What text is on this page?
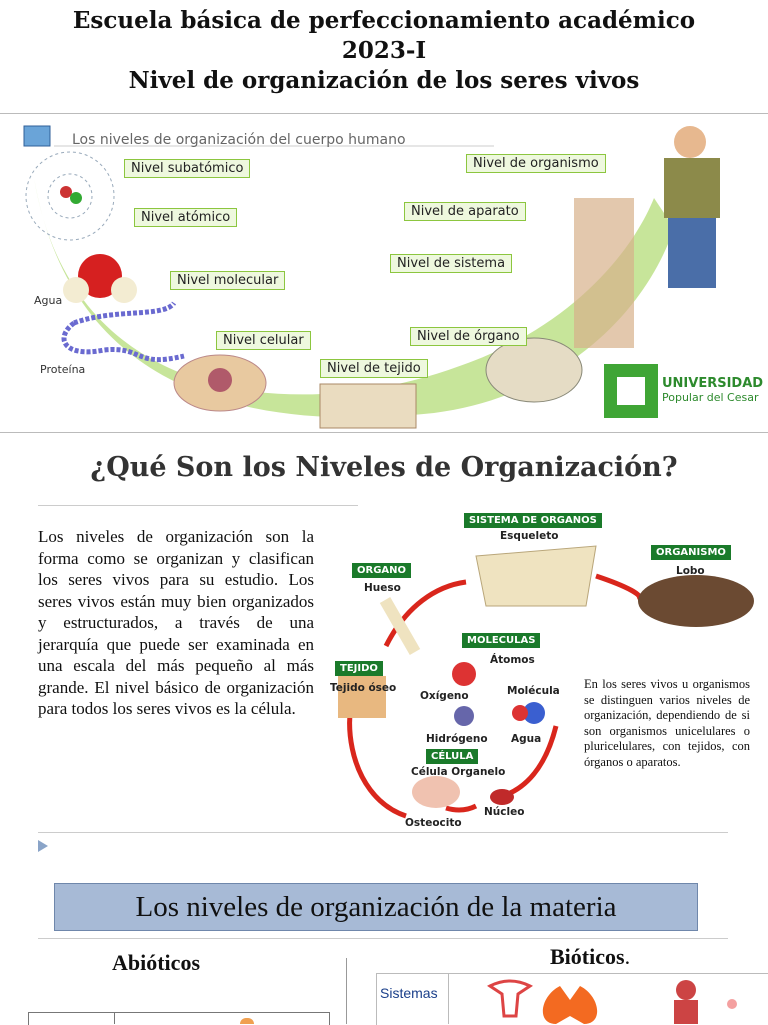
Escuela básica de perfeccionamiento académico
2023-I
Nivel de organización de los seres vivos
Los niveles de organización del cuerpo humano
Nivel subatómico
Nivel atómico
Nivel molecular
Nivel celular
Nivel de tejido
Nivel de órgano
Nivel de sistema
Nivel de aparato
Nivel de organismo
Agua
Proteína
UNIVERSIDAD
Popular del Cesar
¿Qué Son los Niveles de Organización?
Los niveles de organización son la forma como se organizan y clasifican los seres vivos para su estudio. Los seres vivos están muy bien organizados y estructurados, a través de una jerarquía que puede ser examinada en una escala del más pequeño al más grande. El nivel básico de organización para todos los seres vivos es la célula.
SISTEMA DE ORGANOS
Esqueleto
ORGANISMO
Lobo
ORGANO
Hueso
MOLECULAS
Átomos
Oxígeno	Molécula
Hidrógeno Agua
TEJIDO
Tejido óseo
CÉLULA
Célula Organelo
Núcleo
Osteocito
En los seres vivos u organismos se distinguen varios niveles de organización, dependiendo de si son organismos unicelulares o pluricelulares, con tejidos, con órganos o aparatos.
Los niveles de organización de la materia
Abióticos	Bióticos.
Sistemas
